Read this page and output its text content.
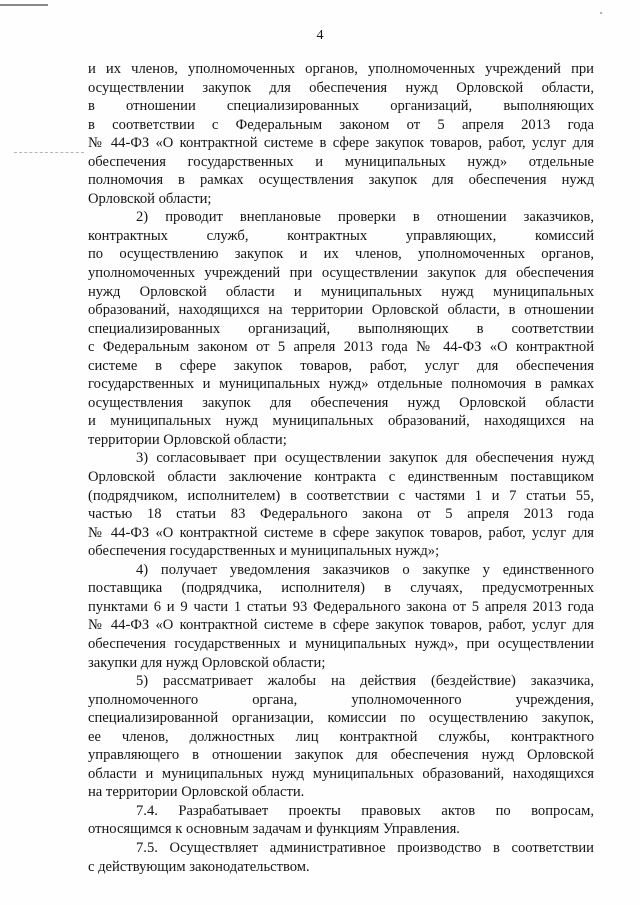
4
и их членов, уполномоченных органов, уполномоченных учреждений при
осуществлении закупок для обеспечения нужд Орловской области,
в отношении специализированных организаций, выполняющих
в соответствии с Федеральным законом от 5 апреля 2013 года
№ 44-ФЗ «О контрактной системе в сфере закупок товаров, работ, услуг для
обеспечения государственных и муниципальных нужд» отдельные
полномочия в рамках осуществления закупок для обеспечения нужд
Орловской области;
2) проводит внеплановые проверки в отношении заказчиков,
контрактных служб, контрактных управляющих, комиссий
по осуществлению закупок и их членов, уполномоченных органов,
уполномоченных учреждений при осуществлении закупок для обеспечения
нужд Орловской области и муниципальных нужд муниципальных
образований, находящихся на территории Орловской области, в отношении
специализированных организаций, выполняющих в соответствии
с Федеральным законом от 5 апреля 2013 года № 44-ФЗ «О контрактной
системе в сфере закупок товаров, работ, услуг для обеспечения
государственных и муниципальных нужд» отдельные полномочия в рамках
осуществления закупок для обеспечения нужд Орловской области
и муниципальных нужд муниципальных образований, находящихся на
территории Орловской области;
3) согласовывает при осуществлении закупок для обеспечения нужд
Орловской области заключение контракта с единственным поставщиком
(подрядчиком, исполнителем) в соответствии с частями 1 и 7 статьи 55,
частью 18 статьи 83 Федерального закона от 5 апреля 2013 года
№ 44-ФЗ «О контрактной системе в сфере закупок товаров, работ, услуг для
обеспечения государственных и муниципальных нужд»;
4) получает уведомления заказчиков о закупке у единственного
поставщика (подрядчика, исполнителя) в случаях, предусмотренных
пунктами 6 и 9 части 1 статьи 93 Федерального закона от 5 апреля 2013 года
№ 44-ФЗ «О контрактной системе в сфере закупок товаров, работ, услуг для
обеспечения государственных и муниципальных нужд», при осуществлении
закупки для нужд Орловской области;
5) рассматривает жалобы на действия (бездействие) заказчика,
уполномоченного органа, уполномоченного учреждения,
специализированной организации, комиссии по осуществлению закупок,
ее членов, должностных лиц контрактной службы, контрактного
управляющего в отношении закупок для обеспечения нужд Орловской
области и муниципальных нужд муниципальных образований, находящихся
на территории Орловской области.
7.4. Разрабатывает проекты правовых актов по вопросам,
относящимся к основным задачам и функциям Управления.
7.5. Осуществляет административное производство в соответствии
с действующим законодательством.
